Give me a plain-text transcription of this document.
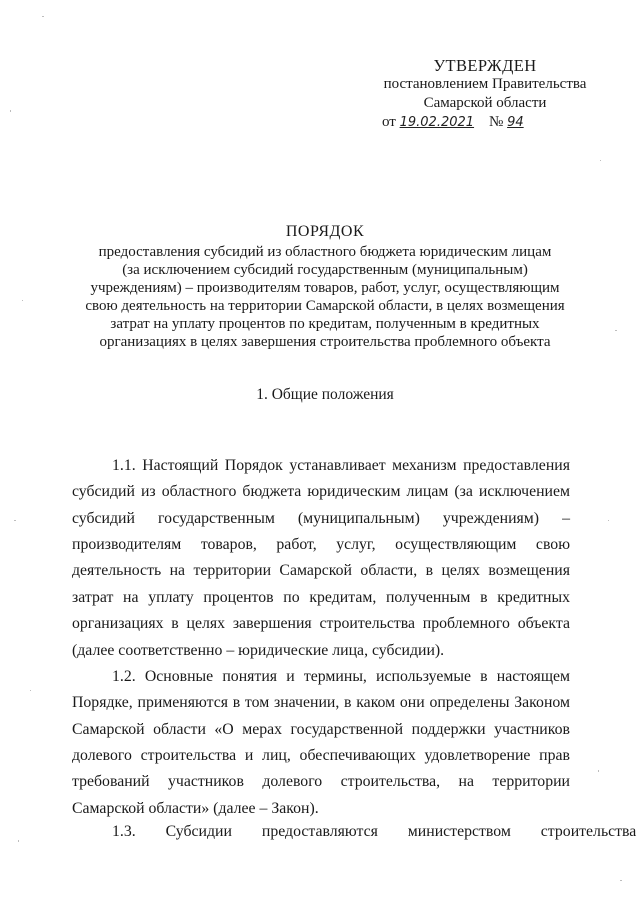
УТВЕРЖДЕН
постановлением Правительства
Самарской области
от 19.02.2021 № 94
ПОРЯДОК
предоставления субсидий из областного бюджета юридическим лицам
(за исключением субсидий государственным (муниципальным)
учреждениям) – производителям товаров, работ, услуг, осуществляющим
свою деятельность на территории Самарской области, в целях возмещения
затрат на уплату процентов по кредитам, полученным в кредитных
организациях в целях завершения строительства проблемного объекта
1. Общие положения

1.1. Настоящий Порядок устанавливает механизм предоставления субсидий из областного бюджета юридическим лицам (за исключением субсидий государственным (муниципальным) учреждениям) – производителям товаров, работ, услуг, осуществляющим свою деятельность на территории Самарской области, в целях возмещения затрат на уплату процентов по кредитам, полученным в кредитных организациях в целях завершения строительства проблемного объекта (далее соответственно – юридические лица, субсидии).

1.2. Основные понятия и термины, используемые в настоящем Порядке, применяются в том значении, в каком они определены Законом Самарской области «О мерах государственной поддержки участников долевого строительства и лиц, обеспечивающих удовлетворение прав требований участников долевого строительства, на территории Самарской области» (далее – Закон).

1.3. Субсидии предоставляются министерством строительства
